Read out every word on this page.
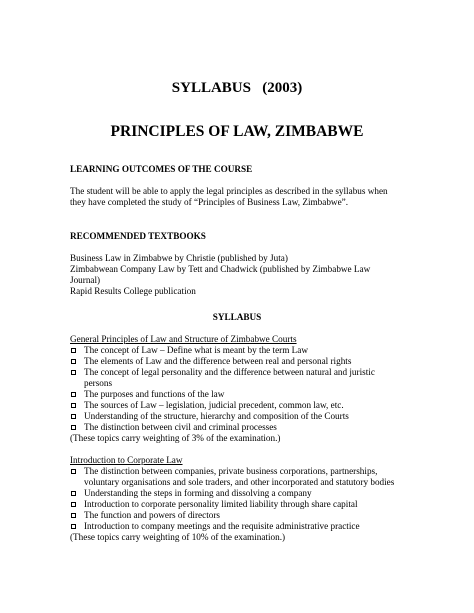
SYLLABUS   (2003)
PRINCIPLES OF LAW, ZIMBABWE
LEARNING OUTCOMES OF THE COURSE
The student will be able to apply the legal principles as described in the syllabus when
they have completed the study of “Principles of Business Law, Zimbabwe”.
RECOMMENDED TEXTBOOKS
Business Law in Zimbabwe by Christie (published by Juta)
Zimbabwean Company Law by Tett and Chadwick (published by Zimbabwe Law
Journal)
Rapid Results College publication
SYLLABUS
General Principles of Law and Structure of Zimbabwe Courts
The concept of Law – Define what is meant by the term Law
The elements of Law and the difference between real and personal rights
The concept of legal personality and the difference between natural and juristic
persons
The purposes and functions of the law
The sources of Law – legislation, judicial precedent, common law, etc.
Understanding of the structure, hierarchy and composition of the Courts
The distinction between civil and criminal processes
(These topics carry weighting of 3% of the examination.)
Introduction to Corporate Law
The distinction between companies, private business corporations, partnerships,
voluntary organisations and sole traders, and other incorporated and statutory bodies
Understanding the steps in forming and dissolving a company
Introduction to corporate personality limited liability through share capital
The function and powers of directors
Introduction to company meetings and the requisite administrative practice
(These topics carry weighting of 10% of the examination.)
